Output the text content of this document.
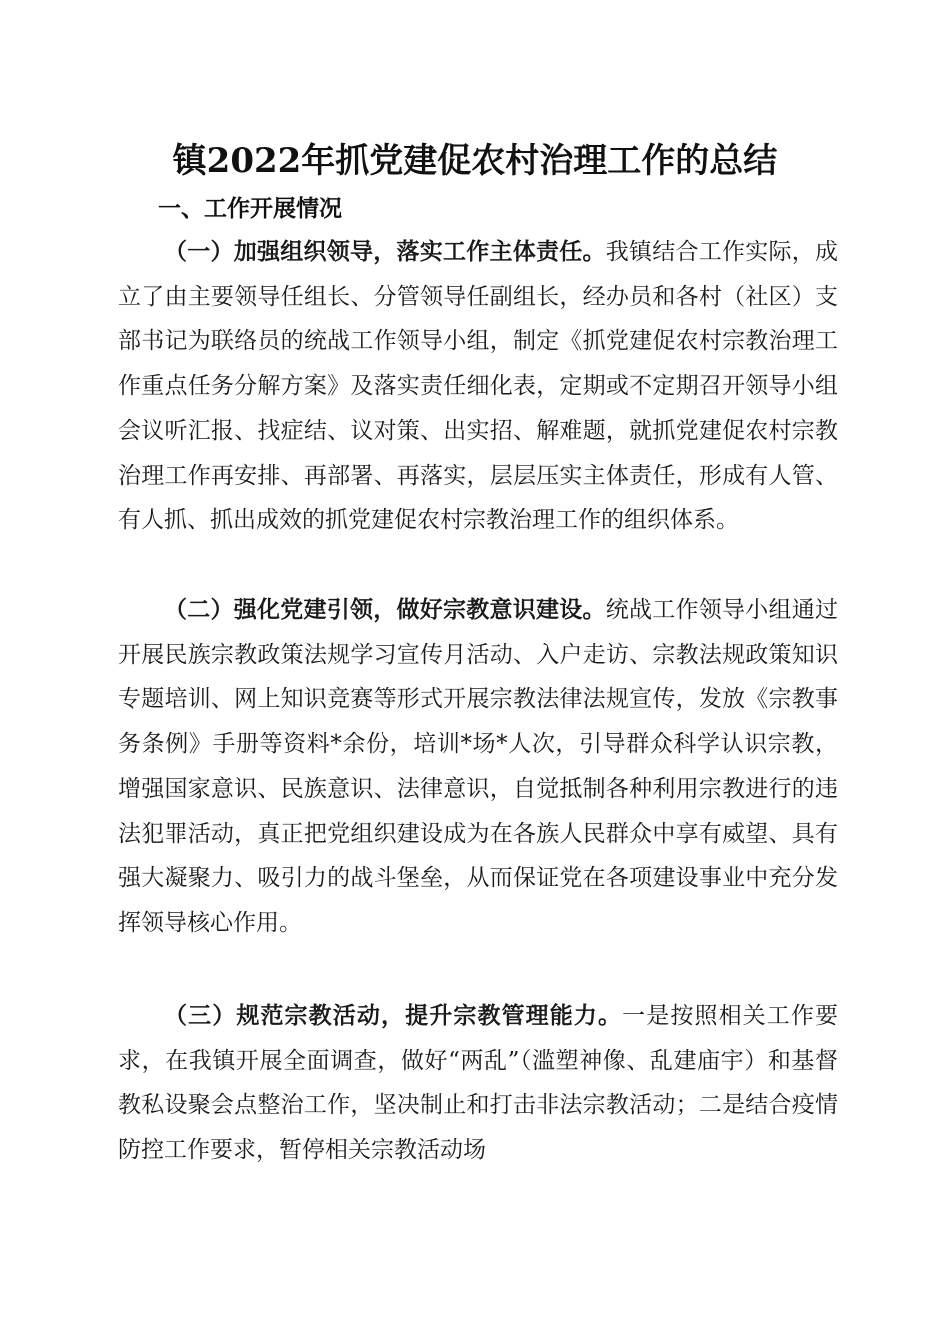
镇2022年抓党建促农村治理工作的总结
一、工作开展情况

（一）加强组织领导，落实工作主体责任。我镇结合工作实际，成立了由主要领导任组长、分管领导任副组长，经办员和各村（社区）支部书记为联络员的统战工作领导小组，制定《抓党建促农村宗教治理工作重点任务分解方案》及落实责任细化表，定期或不定期召开领导小组会议听汇报、找症结、议对策、出实招、解难题，就抓党建促农村宗教治理工作再安排、再部署、再落实，层层压实主体责任，形成有人管、有人抓、抓出成效的抓党建促农村宗教治理工作的组织体系。

（二）强化党建引领，做好宗教意识建设。统战工作领导小组通过开展民族宗教政策法规学习宣传月活动、入户走访、宗教法规政策知识专题培训、网上知识竞赛等形式开展宗教法律法规宣传，发放《宗教事务条例》手册等资料*余份，培训*场*人次，引导群众科学认识宗教，增强国家意识、民族意识、法律意识，自觉抵制各种利用宗教进行的违法犯罪活动，真正把党组织建设成为在各族人民群众中享有威望、具有强大凝聚力、吸引力的战斗堡垒，从而保证党在各项建设事业中充分发挥领导核心作用。

（三）规范宗教活动，提升宗教管理能力。一是按照相关工作要求，在我镇开展全面调查，做好“两乱”（滥塑神像、乱建庙宇）和基督教私设聚会点整治工作，坚决制止和打击非法宗教活动；二是结合疫情防控工作要求，暂停相关宗教活动场
